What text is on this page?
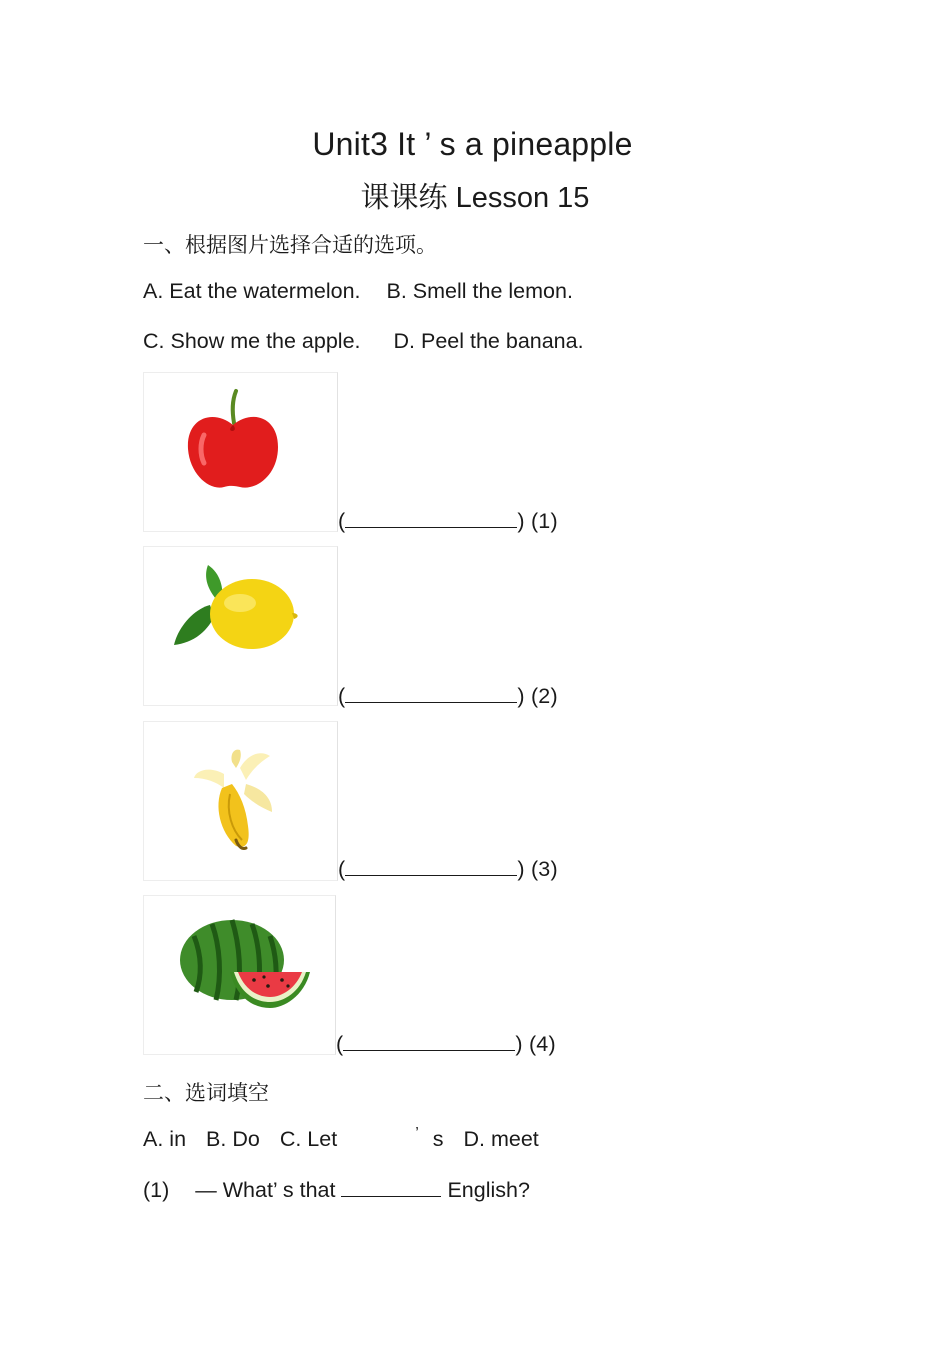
Unit3 It ’ s a pineapple
课课练 Lesson 15
一、根据图片选择合适的选项。
A. Eat the watermelon. B. Smell the lemon.
C. Show me the apple. D. Peel the banana.
(	) (1)
(	) (2)
(	) (3)
(	) (4)
二、选词填空
A. in B. Do C. Let	’ s D. meet
(1) — What’ s that	English?
